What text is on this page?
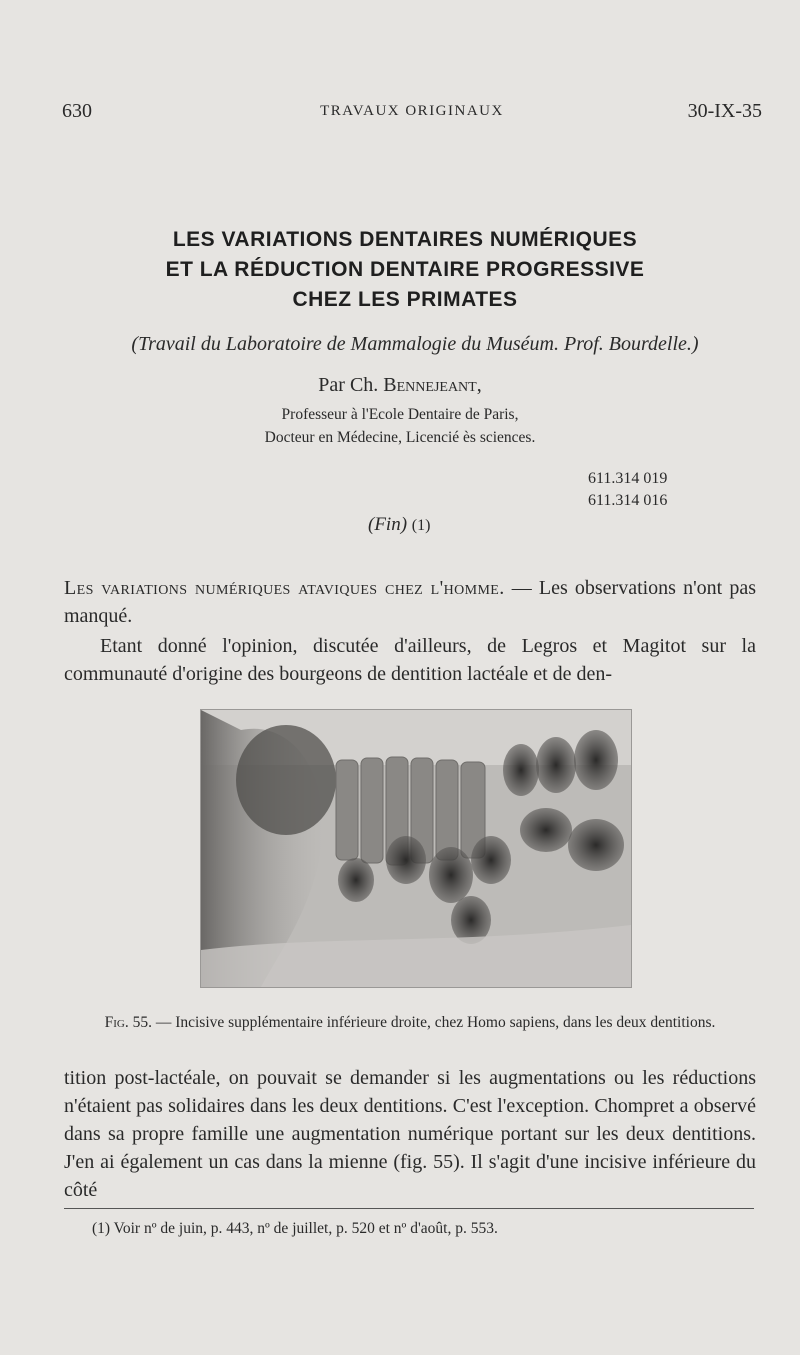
630	TRAVAUX ORIGINAUX	30-IX-35
LES VARIATIONS DENTAIRES NUMÉRIQUES
ET LA RÉDUCTION DENTAIRE PROGRESSIVE
CHEZ LES PRIMATES
(Travail du Laboratoire de Mammalogie du Muséum. Prof. Bourdelle.)
Par Ch. Bennejeant,
Professeur à l'Ecole Dentaire de Paris,
Docteur en Médecine, Licencié ès sciences.
611.314 019
611.314 016
(Fin) (1)
Les variations numériques ataviques chez l'homme. — Les observations n'ont pas manqué.
Etant donné l'opinion, discutée d'ailleurs, de Legros et Magitot sur la communauté d'origine des bourgeons de dentition lactéale et de den-
Fig. 55. — Incisive supplémentaire inférieure droite, chez Homo sapiens, dans les deux dentitions.
tition post-lactéale, on pouvait se demander si les augmentations ou les réductions n'étaient pas solidaires dans les deux dentitions. C'est l'exception. Chompret a observé dans sa propre famille une augmentation numérique portant sur les deux dentitions. J'en ai également un cas dans la mienne (fig. 55). Il s'agit d'une incisive inférieure du côté
(1) Voir nº de juin, p. 443, nº de juillet, p. 520 et nº d'août, p. 553.
